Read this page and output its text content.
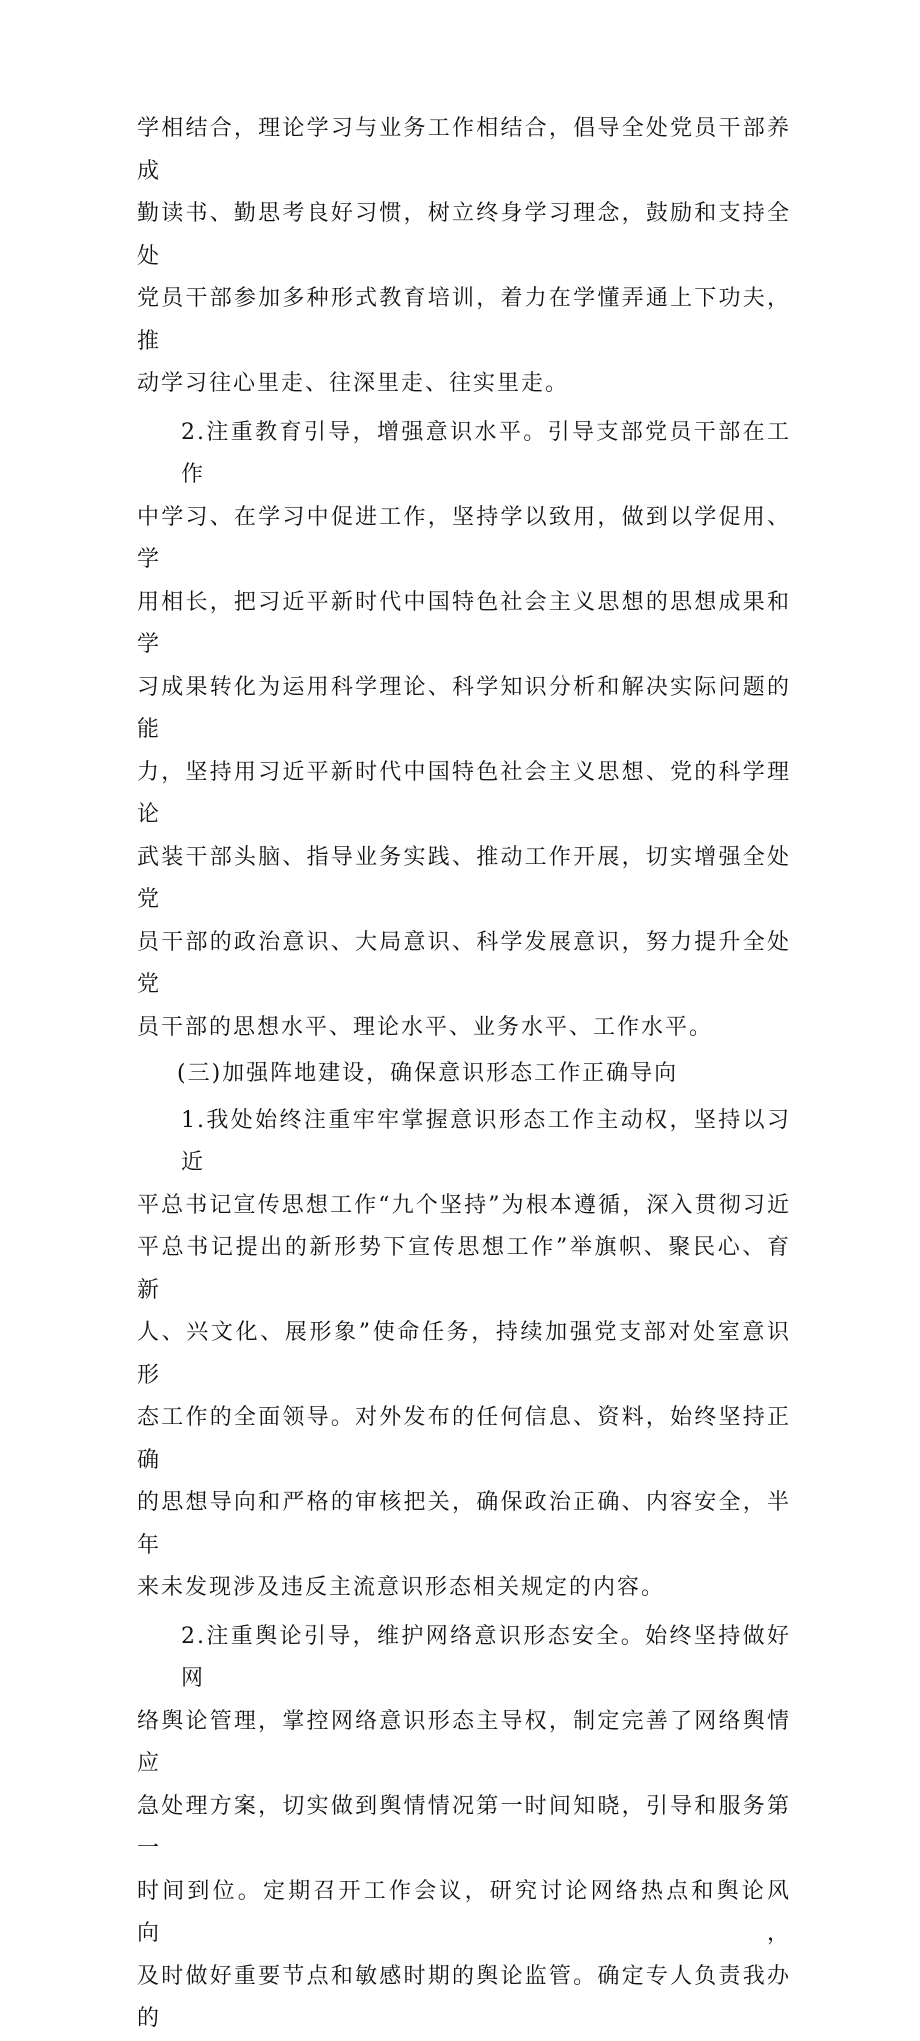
学相结合，理论学习与业务工作相结合，倡导全处党员干部养成
勤读书、勤思考良好习惯，树立终身学习理念，鼓励和支持全处
党员干部参加多种形式教育培训，着力在学懂弄通上下功夫，推
动学习往心里走、往深里走、往实里走。

2.注重教育引导，增强意识水平。引导支部党员干部在工作
中学习、在学习中促进工作，坚持学以致用，做到以学促用、学
用相长，把习近平新时代中国特色社会主义思想的思想成果和学
习成果转化为运用科学理论、科学知识分析和解决实际问题的能
力，坚持用习近平新时代中国特色社会主义思想、党的科学理论
武装干部头脑、指导业务实践、推动工作开展，切实增强全处党
员干部的政治意识、大局意识、科学发展意识，努力提升全处党
员干部的思想水平、理论水平、业务水平、工作水平。

(三)加强阵地建设，确保意识形态工作正确导向

1.我处始终注重牢牢掌握意识形态工作主动权，坚持以习近
平总书记宣传思想工作“九个坚持”为根本遵循，深入贯彻习近
平总书记提出的新形势下宣传思想工作”举旗帜、聚民心、育新
人、兴文化、展形象”使命任务，持续加强党支部对处室意识形
态工作的全面领导。对外发布的任何信息、资料，始终坚持正确
的思想导向和严格的审核把关，确保政治正确、内容安全，半年
来未发现涉及违反主流意识形态相关规定的内容。

2.注重舆论引导，维护网络意识形态安全。始终坚持做好网
络舆论管理，掌控网络意识形态主导权，制定完善了网络舆情应
急处理方案，切实做到舆情情况第一时间知晓，引导和服务第一
时间到位。定期召开工作会议，研究讨论网络热点和舆论风向，
及时做好重要节点和敏感时期的舆论监管。确定专人负责我办的
